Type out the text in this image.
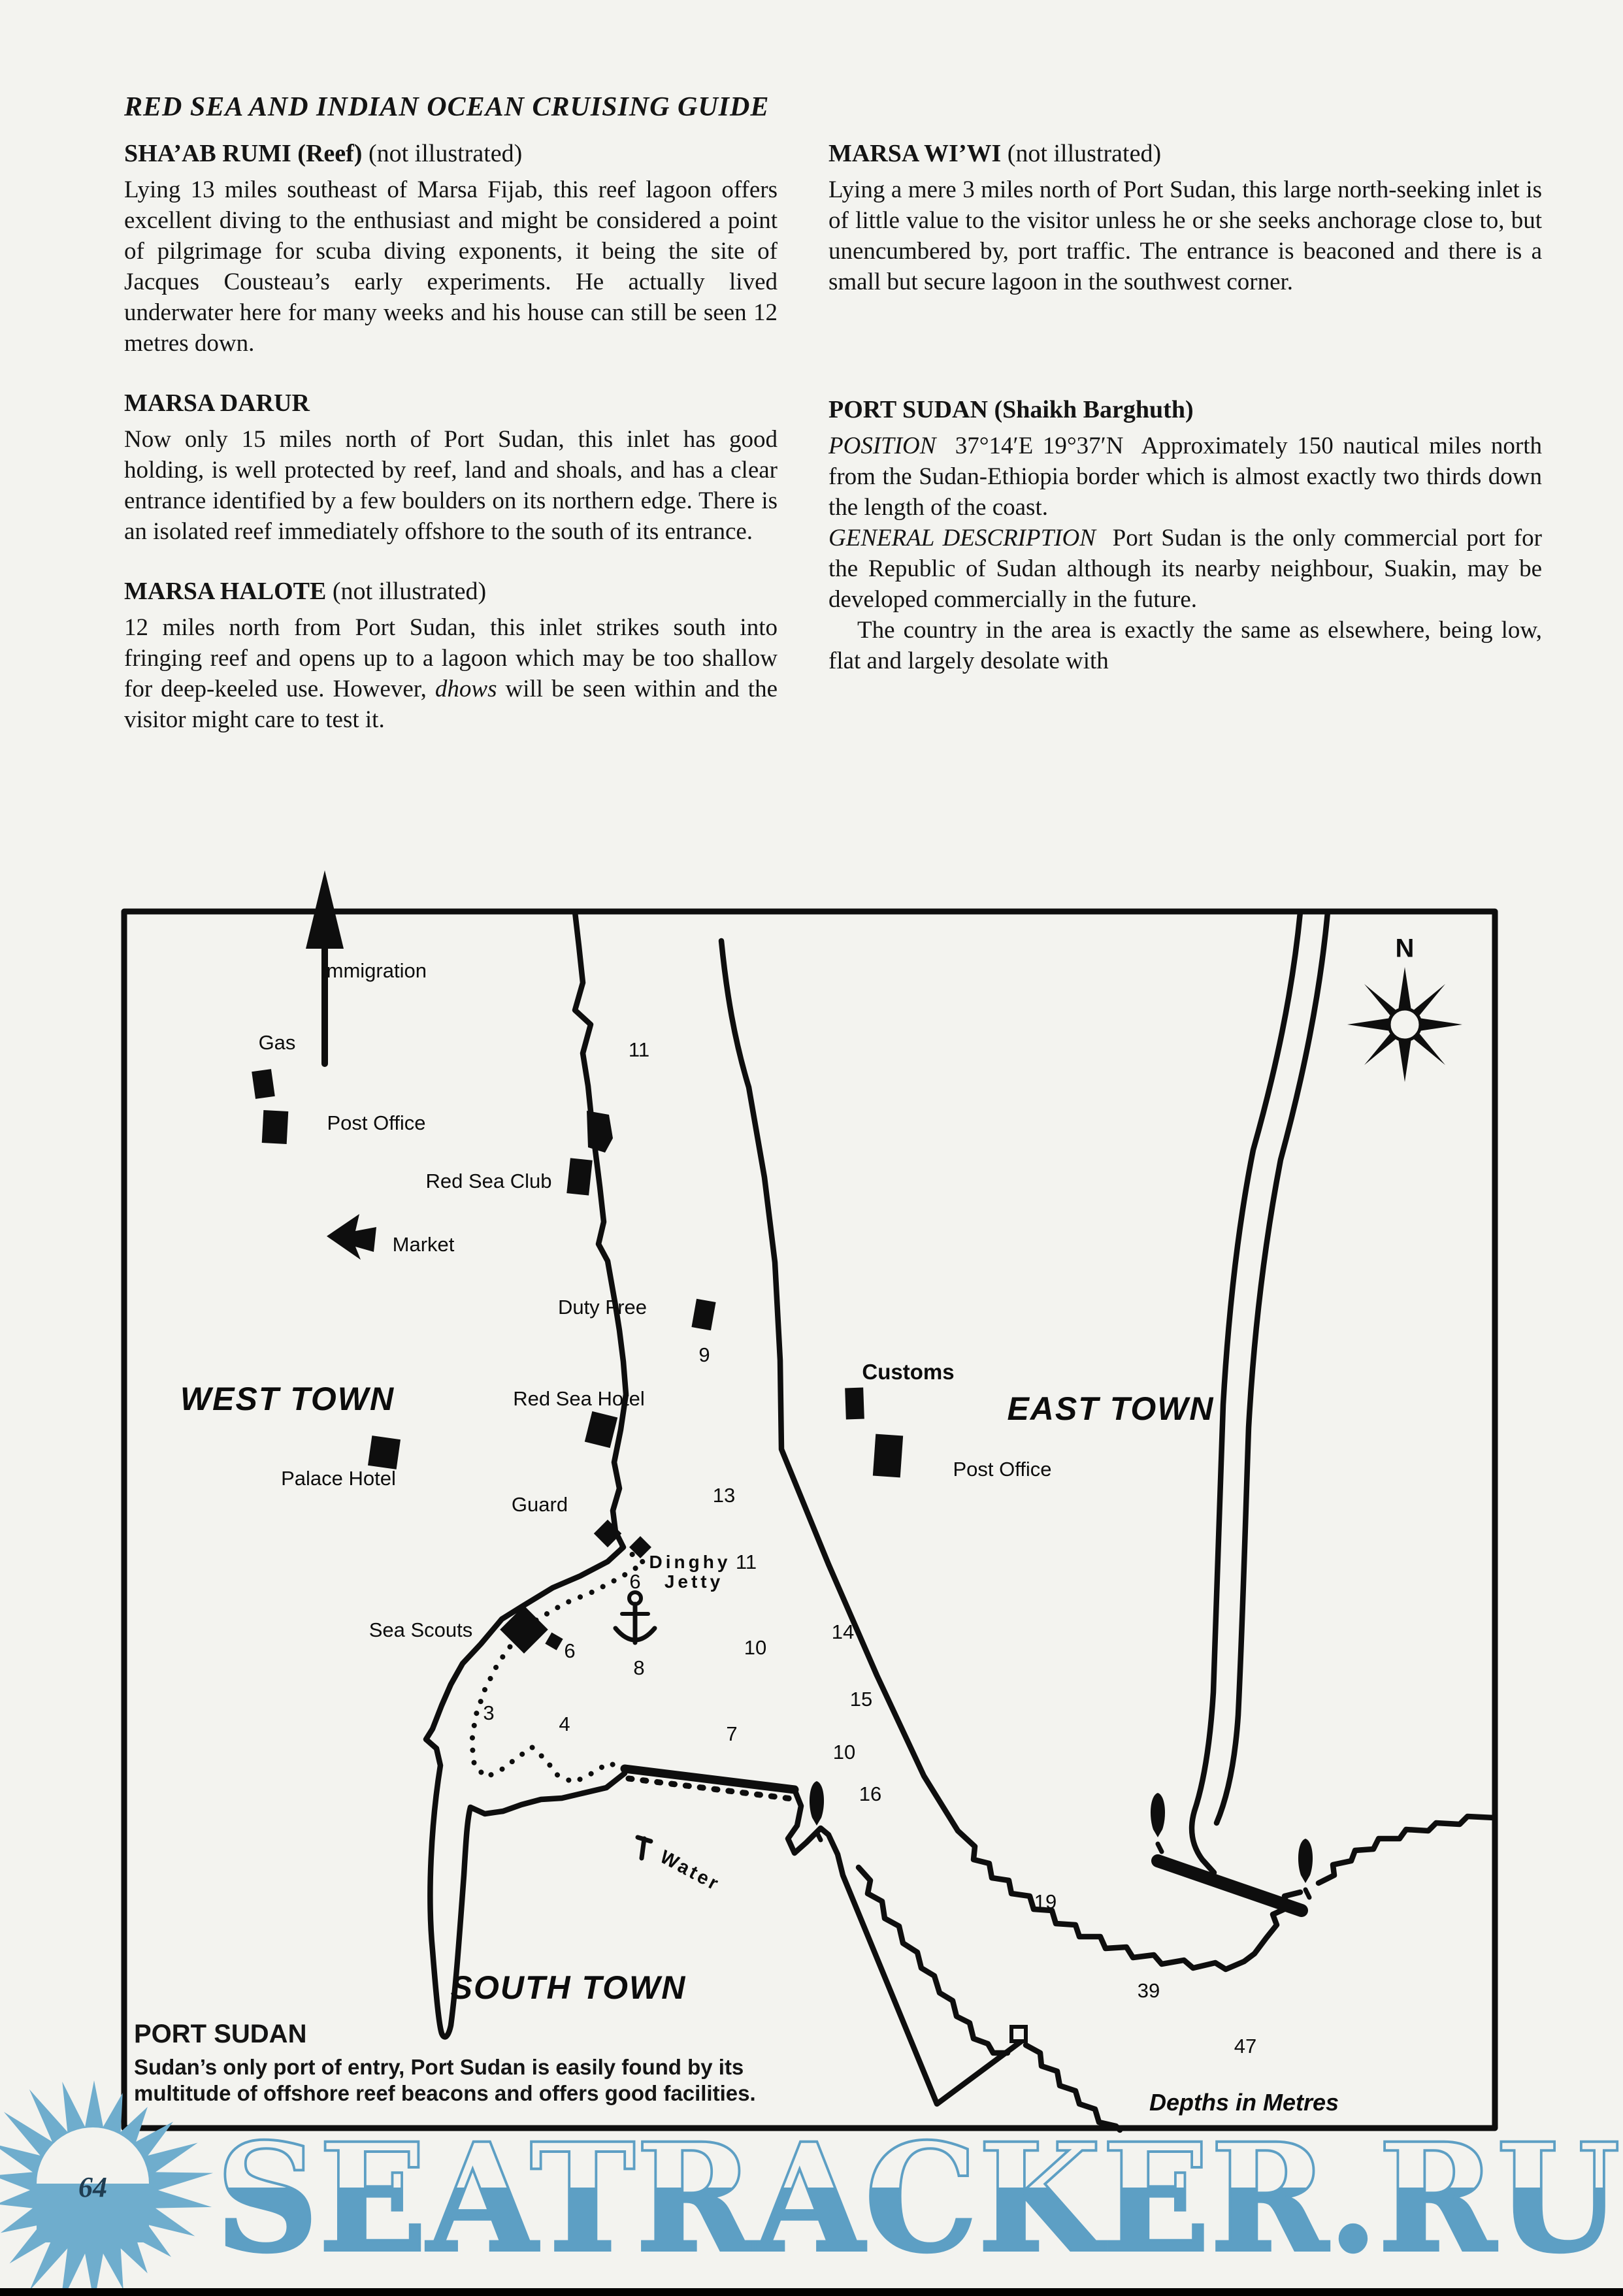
RED SEA AND INDIAN OCEAN CRUISING GUIDE
SHA’AB RUMI (Reef) (not illustrated)

Lying 13 miles southeast of Marsa Fijab, this reef lagoon offers excellent diving to the enthusiast and might be considered a point of pilgrimage for scuba diving exponents, it being the site of Jacques Cousteau’s early experiments. He actually lived underwater here for many weeks and his house can still be seen 12 metres down.

MARSA DARUR

Now only 15 miles north of Port Sudan, this inlet has good holding, is well protected by reef, land and shoals, and has a clear entrance identified by a few boulders on its northern edge. There is an isolated reef immediately offshore to the south of its entrance.

MARSA HALOTE (not illustrated)

12 miles north from Port Sudan, this inlet strikes south into fringing reef and opens up to a lagoon which may be too shallow for deep-keeled use. However, dhows will be seen within and the visitor might care to test it.

MARSA WI’WI (not illustrated)

Lying a mere 3 miles north of Port Sudan, this large north-seeking inlet is of little value to the visitor unless he or she seeks anchorage close to, but unencumbered by, port traffic. The entrance is beaconed and there is a small but secure lagoon in the southwest corner.

PORT SUDAN (Shaikh Barghuth)

POSITION  37°14′E 19°37′N  Approximately 150 nautical miles north from the Sudan-Ethiopia border which is almost exactly two thirds down the length of the coast.

GENERAL DESCRIPTION  Port Sudan is the only commercial port for the Republic of Sudan although its nearby neighbour, Suakin, may be developed commercially in the future.

The country in the area is exactly the same as elsewhere, being low, flat and largely desolate with

Immigration
Gas
Post Office
Red Sea Club
Market
Duty Free
WEST TOWN	Red Sea Hotel
Palace Hotel
Guard
Dinghy
Jetty
Sea Scouts
Customs
EAST TOWN
Post Office
Water
SOUTH TOWN
Depths in Metres
N
11
9
13
11
6
6
8
10
14
3	4	7
10
15
16
19
39
47
PORT SUDAN
Sudan’s only port of entry, Port Sudan is easily found by its
multitude of offshore reef beacons and offers good facilities.
SEATRACKER.RU
64
